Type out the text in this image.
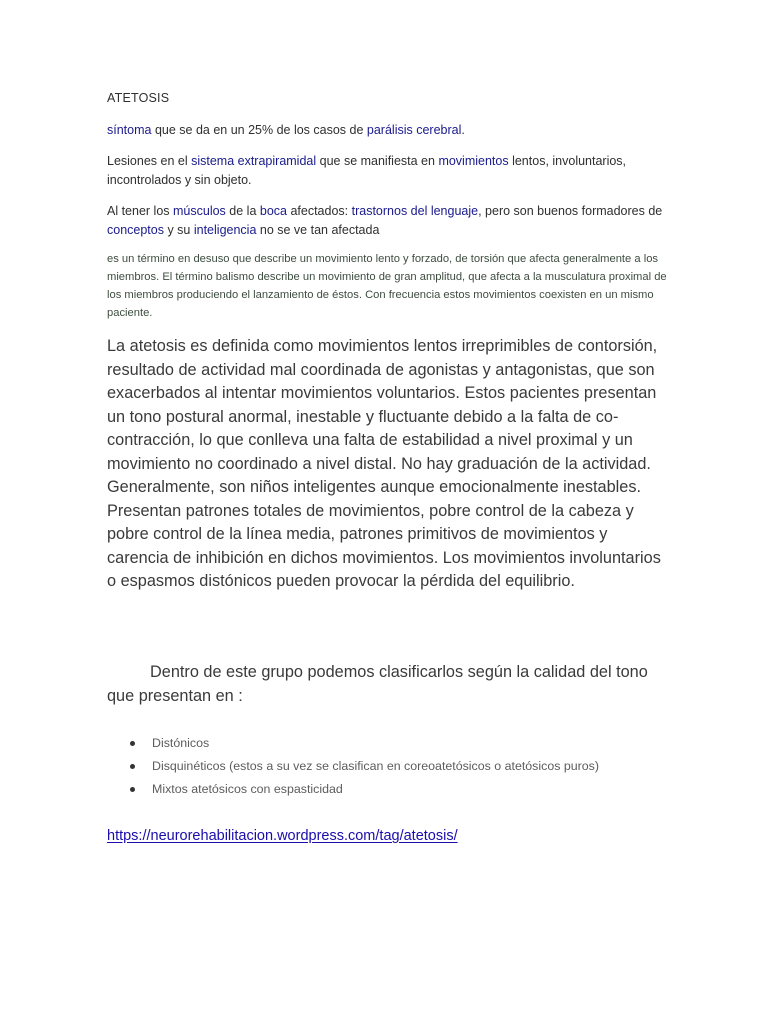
ATETOSIS

síntoma que se da en un 25% de los casos de parálisis cerebral.

Lesiones en el sistema extrapiramidal que se manifiesta en movimientos lentos, involuntarios, incontrolados y sin objeto.

Al tener los músculos de la boca afectados: trastornos del lenguaje, pero son buenos formadores de conceptos y su inteligencia no se ve tan afectada

es un término en desuso que describe un movimiento lento y forzado, de torsión que afecta generalmente a los miembros. El término balismo describe un movimiento de gran amplitud, que afecta a la musculatura proximal de los miembros produciendo el lanzamiento de éstos. Con frecuencia estos movimientos coexisten en un mismo paciente.

La atetosis es definida como movimientos lentos irreprimibles de contorsión, resultado de actividad mal coordinada de agonistas y antagonistas, que son exacerbados al intentar movimientos voluntarios. Estos pacientes presentan un tono postural anormal, inestable y fluctuante debido a la falta de co-contracción, lo que conlleva una falta de estabilidad a nivel proximal y un movimiento no coordinado a nivel distal. No hay graduación de la actividad. Generalmente, son niños inteligentes aunque emocionalmente inestables. Presentan patrones totales de movimientos, pobre control de la cabeza y pobre control de la línea media, patrones primitivos de movimientos y carencia de inhibición en dichos movimientos. Los movimientos involuntarios o espasmos distónicos pueden provocar la pérdida del equilibrio.

Dentro de este grupo podemos clasificarlos según la calidad del tono que presentan en :

Distónicos
Disquinéticos (estos a su vez se clasifican en coreoatetósicos o atetósicos puros)
Mixtos atetósicos con espasticidad
https://neurorehabilitacion.wordpress.com/tag/atetosis/
